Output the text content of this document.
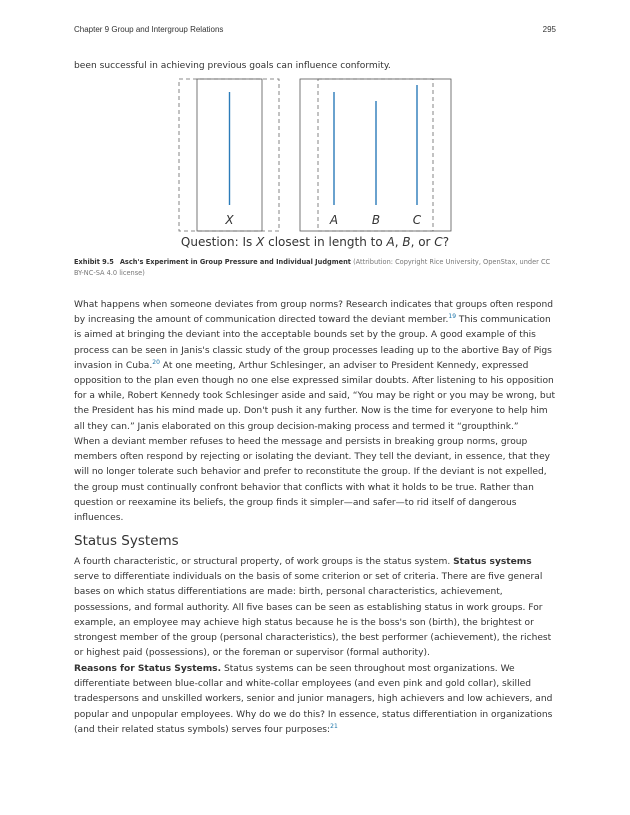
Chapter 9 Group and Intergroup Relations	295

been successful in achieving previous goals can influence conformity.

X	A	B	C
Question: Is X closest in length to A, B, or C?
Exhibit 9.5 Asch's Experiment in Group Pressure and Individual Judgment (Attribution: Copyright Rice University, OpenStax, under CC BY-NC-SA 4.0 license)

What happens when someone deviates from group norms? Research indicates that groups often respond by increasing the amount of communication directed toward the deviant member.$^{19}$ This communication is aimed at bringing the deviant into the acceptable bounds set by the group. A good example of this process can be seen in Janis's classic study of the group processes leading up to the abortive Bay of Pigs invasion in Cuba.$^{20}$ At one meeting, Arthur Schlesinger, an adviser to President Kennedy, expressed opposition to the plan even though no one else expressed similar doubts. After listening to his opposition for a while, Robert Kennedy took Schlesinger aside and said, “You may be right or you may be wrong, but the President has his mind made up. Don't push it any further. Now is the time for everyone to help him all they can.” Janis elaborated on this group decision-making process and termed it “groupthink.”

When a deviant member refuses to heed the message and persists in breaking group norms, group members often respond by rejecting or isolating the deviant. They tell the deviant, in essence, that they will no longer tolerate such behavior and prefer to reconstitute the group. If the deviant is not expelled, the group must continually confront behavior that conflicts with what it holds to be true. Rather than question or reexamine its beliefs, the group finds it simpler—and safer—to rid itself of dangerous influences.

Status Systems

A fourth characteristic, or structural property, of work groups is the status system. Status systems serve to differentiate individuals on the basis of some criterion or set of criteria. There are five general bases on which status differentiations are made: birth, personal characteristics, achievement, possessions, and formal authority. All five bases can be seen as establishing status in work groups. For example, an employee may achieve high status because he is the boss's son (birth), the brightest or strongest member of the group (personal characteristics), the best performer (achievement), the richest or highest paid (possessions), or the foreman or supervisor (formal authority).

Reasons for Status Systems. Status systems can be seen throughout most organizations. We differentiate between blue-collar and white-collar employees (and even pink and gold collar), skilled tradespersons and unskilled workers, senior and junior managers, high achievers and low achievers, and popular and unpopular employees. Why do we do this? In essence, status differentiation in organizations (and their related status symbols) serves four purposes:$^{21}$
